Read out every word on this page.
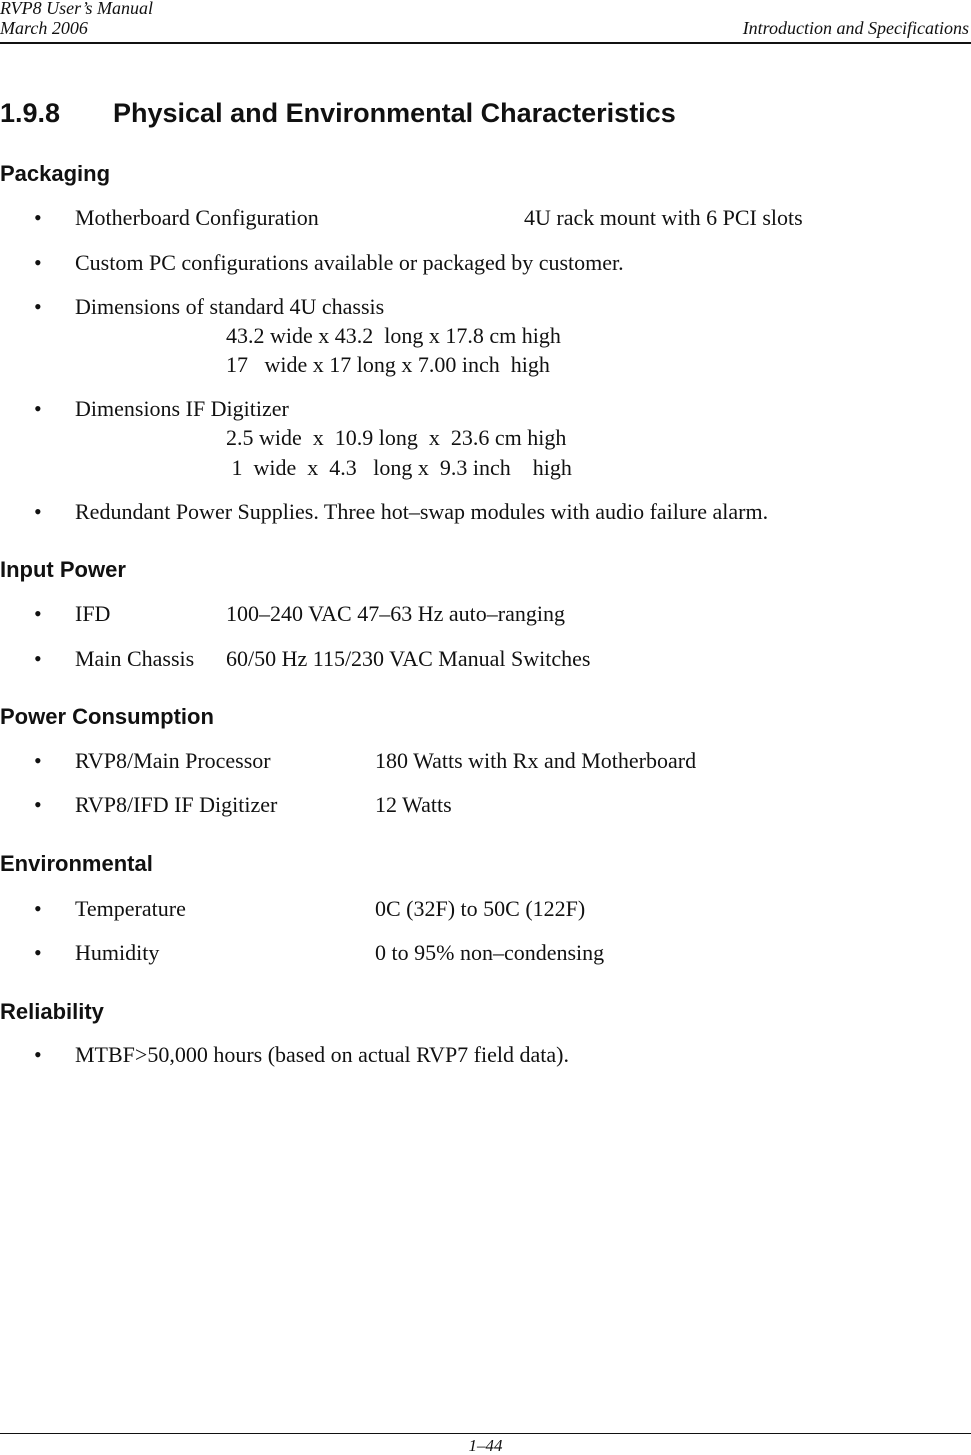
RVP8 User’s Manual
March 2006	Introduction and Specifications
1.9.8 Physical and Environmental Characteristics
Packaging
• Motherboard Configuration	4U rack mount with 6 PCI slots
• Custom PC configurations available or packaged by customer.
• Dimensions of standard 4U chassis
43.2 wide x 43.2  long x 17.8 cm high
17   wide x 17 long x 7.00 inch  high
• Dimensions IF Digitizer
2.5 wide  x  10.9 long  x  23.6 cm high
1  wide  x  4.3   long x  9.3 inch    high
• Redundant Power Supplies. Three hot–swap modules with audio failure alarm.
Input Power
• IFD	100–240 VAC 47–63 Hz auto–ranging
• Main Chassis 60/50 Hz 115/230 VAC Manual Switches
Power Consumption
• RVP8/Main Processor	180 Watts with Rx and Motherboard
• RVP8/IFD IF Digitizer	12 Watts
Environmental
• Temperature	0C (32F) to 50C (122F)
• Humidity	0 to 95% non–condensing
Reliability
• MTBF>50,000 hours (based on actual RVP7 field data).
1–44
